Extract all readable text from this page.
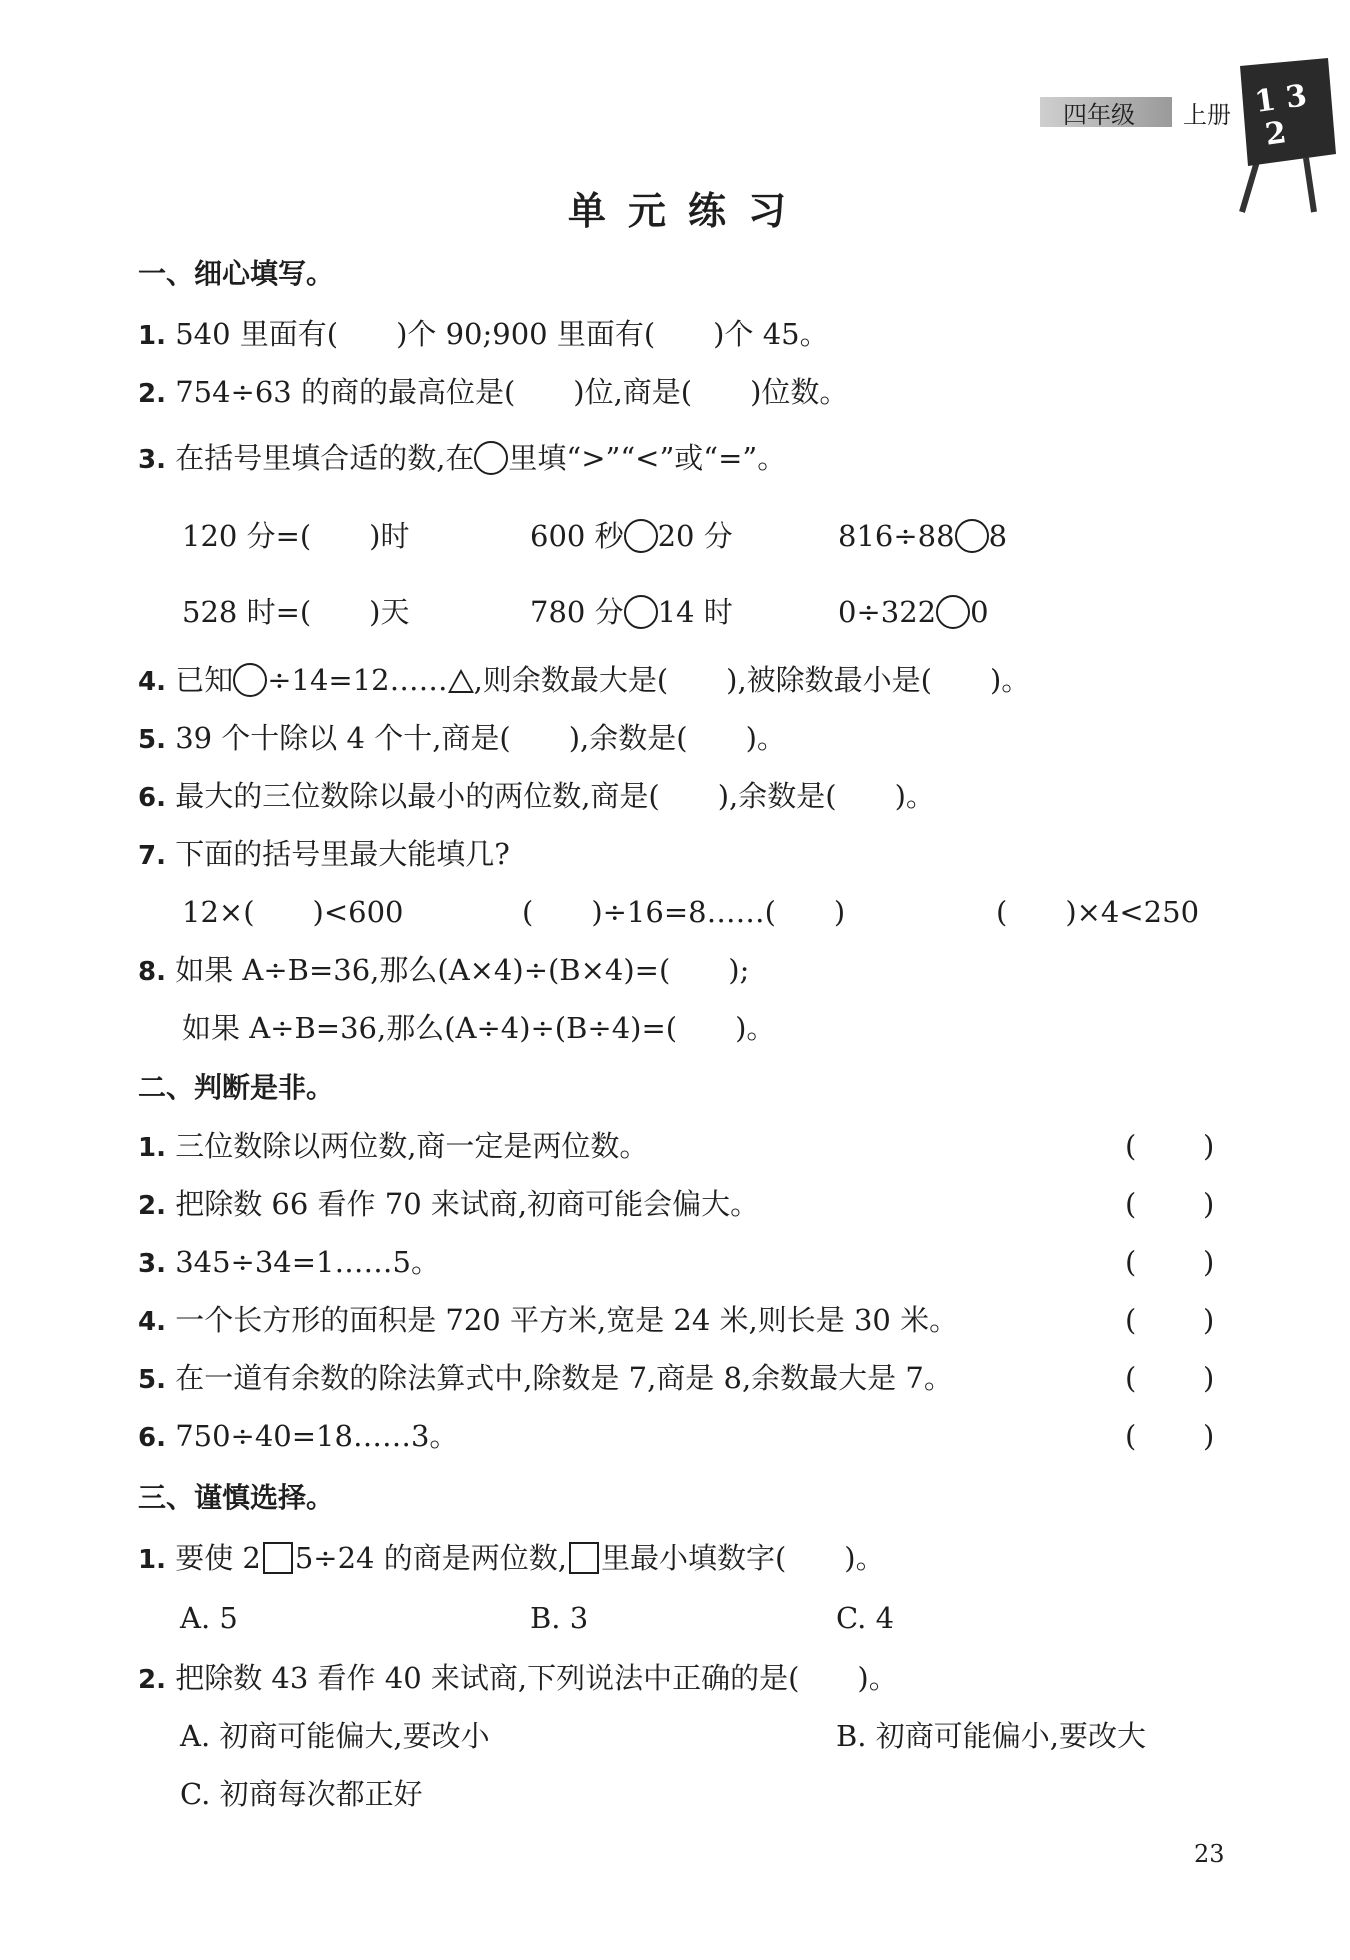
四年级 上册 1 3
2
单元练习
一、细心填写。
1. 540 里面有(　　)个 90;900 里面有(　　)个 45。
2. 754÷63 的商的最高位是(　　)位,商是(　　)位数。
3. 在括号里填合适的数,在 里填“>”“<”或“=”。
120 分=(　　)时	600 秒 20 分	816÷88 8
528 时=(　　)天	780 分 14 时	0÷322 0
4. 已知 ÷14=12…… ,则余数最大是(　　),被除数最小是(　　)。
5. 39 个十除以 4 个十,商是(　　),余数是(　　)。
6. 最大的三位数除以最小的两位数,商是(　　),余数是(　　)。
7. 下面的括号里最大能填几?
12×(　　)<600	(　　)÷16=8……(　　)	(　　)×4<250
8. 如果 A÷B=36,那么(A×4)÷(B×4)=(　　);
如果 A÷B=36,那么(A÷4)÷(B÷4)=(　　)。
二、判断是非。
1. 三位数除以两位数,商一定是两位数。	( )
2. 把除数 66 看作 70 来试商,初商可能会偏大。	( )
3. 345÷34=1……5。	( )
4. 一个长方形的面积是 720 平方米,宽是 24 米,则长是 30 米。	( )
5. 在一道有余数的除法算式中,除数是 7,商是 8,余数最大是 7。	( )
6. 750÷40=18……3。	( )
三、谨慎选择。
1. 要使 2 5÷24 的商是两位数, 里最小填数字(　　)。
A. 5	B. 3	C. 4
2. 把除数 43 看作 40 来试商,下列说法中正确的是(　　)。
A. 初商可能偏大,要改小	B. 初商可能偏小,要改大
C. 初商每次都正好
23
